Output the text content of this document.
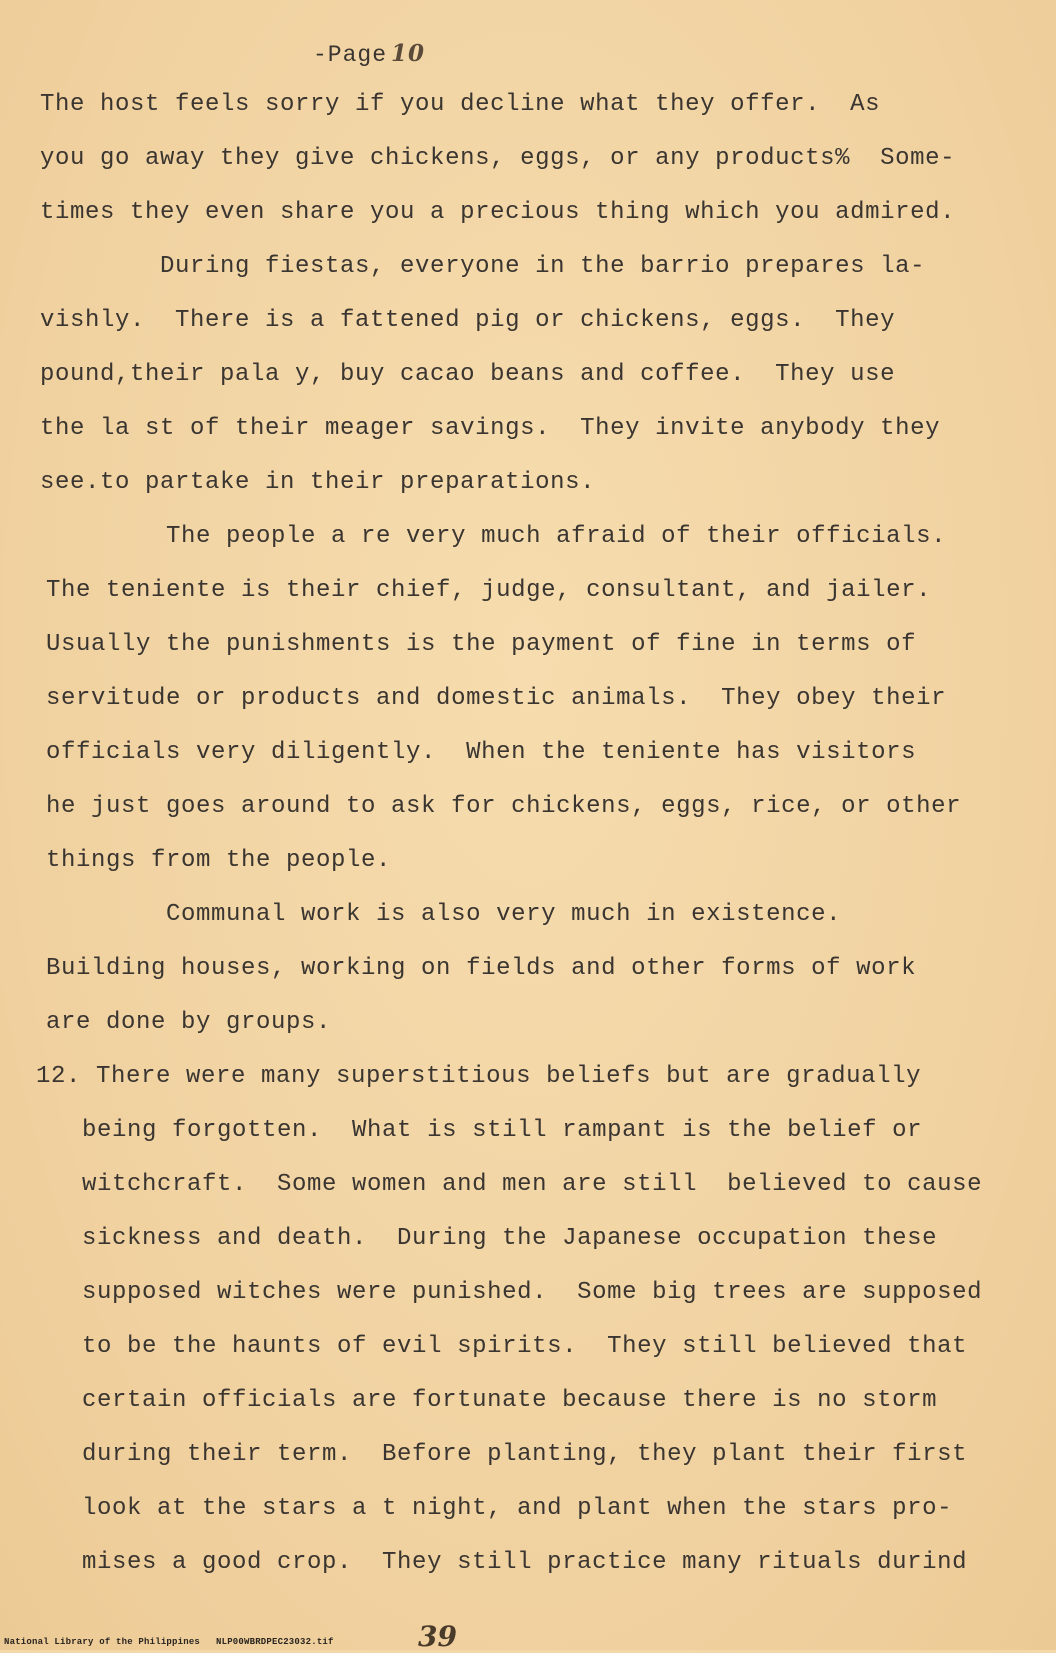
-Page 10
The host feels sorry if you decline what they offer.  As
you go away they give chickens, eggs, or any products%  Some-
times they even share you a precious thing which you admired.
During fiestas, everyone in the barrio prepares la-
vishly.  There is a fattened pig or chickens, eggs.  They
pound,their pala y, buy cacao beans and coffee.  They use
the la st of their meager savings.  They invite anybody they
see.to partake in their preparations.
The people a re very much afraid of their officials.
The teniente is their chief, judge, consultant, and jailer.
Usually the punishments is the payment of fine in terms of
servitude or products and domestic animals.  They obey their
officials very diligently.  When the teniente has visitors
he just goes around to ask for chickens, eggs, rice, or other
things from the people.
Communal work is also very much in existence.
Building houses, working on fields and other forms of work
are done by groups.
12. There were many superstitious beliefs but are gradually
being forgotten.  What is still rampant is the belief or
witchcraft.  Some women and men are still  believed to cause
sickness and death.  During the Japanese occupation these
supposed witches were punished.  Some big trees are supposed
to be the haunts of evil spirits.  They still believed that
certain officials are fortunate because there is no storm
during their term.  Before planting, they plant their first
look at the stars a t night, and plant when the stars pro-
mises a good crop.  They still practice many rituals durind
39
National Library of the Philippines NLP00WBRDPEC23032.tif
